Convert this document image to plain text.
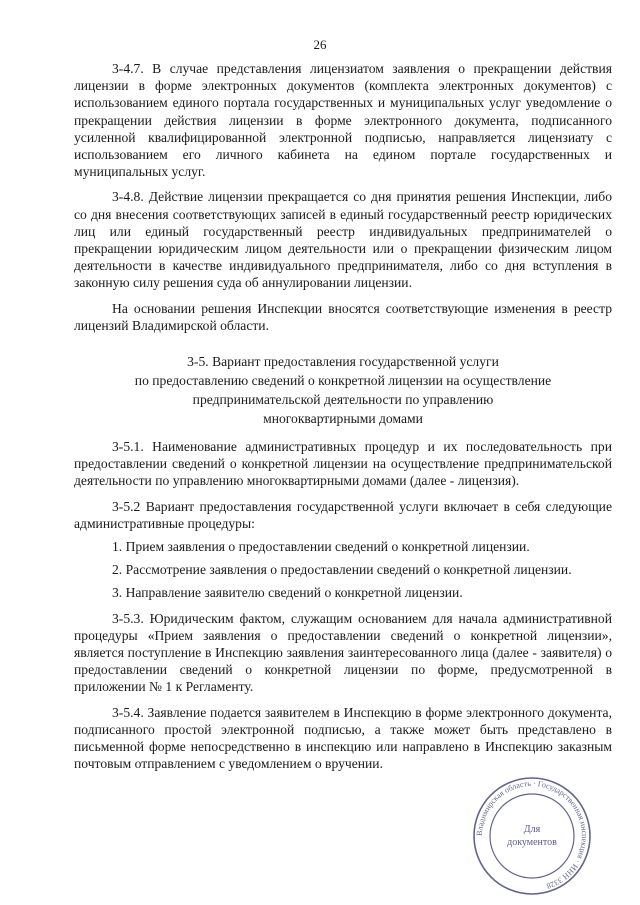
26

3-4.7. В случае представления лицензиатом заявления о прекращении действия лицензии в форме электронных документов (комплекта электронных документов) с использованием единого портала государственных и муниципальных услуг уведомление о прекращении действия лицензии в форме электронного документа, подписанного усиленной квалифицированной электронной подписью, направляется лицензиату с использованием его личного кабинета на едином портале государственных и муниципальных услуг.

3-4.8. Действие лицензии прекращается со дня принятия решения Инспекции, либо со дня внесения соответствующих записей в единый государственный реестр юридических лиц или единый государственный реестр индивидуальных предпринимателей о прекращении юридическим лицом деятельности или о прекращении физическим лицом деятельности в качестве индивидуального предпринимателя, либо со дня вступления в законную силу решения суда об аннулировании лицензии.

На основании решения Инспекции вносятся соответствующие изменения в реестр лицензий Владимирской области.

3-5. Вариант предоставления государственной услуги
по предоставлению сведений о конкретной лицензии на осуществление
предпринимательской деятельности по управлению
многоквартирными домами

3-5.1. Наименование административных процедур и их последовательность при предоставлении сведений о конкретной лицензии на осуществление предпринимательской деятельности по управлению многоквартирными домами (далее - лицензия).

3-5.2 Вариант предоставления государственной услуги включает в себя следующие административные процедуры:

1. Прием заявления о предоставлении сведений о конкретной лицензии.

2. Рассмотрение заявления о предоставлении сведений о конкретной лицензии.

3. Направление заявителю сведений о конкретной лицензии.

3-5.3. Юридическим фактом, служащим основанием для начала административной процедуры «Прием заявления о предоставлении сведений о конкретной лицензии», является поступление в Инспекцию заявления заинтересованного лица (далее - заявителя) о предоставлении сведений о конкретной лицензии по форме, предусмотренной в приложении № 1 к Регламенту.

3-5.4. Заявление подается заявителем в Инспекцию в форме электронного документа, подписанного простой электронной подписью, а также может быть представлено в письменной форме непосредственно в инспекцию или направлено в Инспекцию заказным почтовым отправлением с уведомлением о вручении.

Владимирская область · Государственная инспекция · ИНН 3328
Для
документов
